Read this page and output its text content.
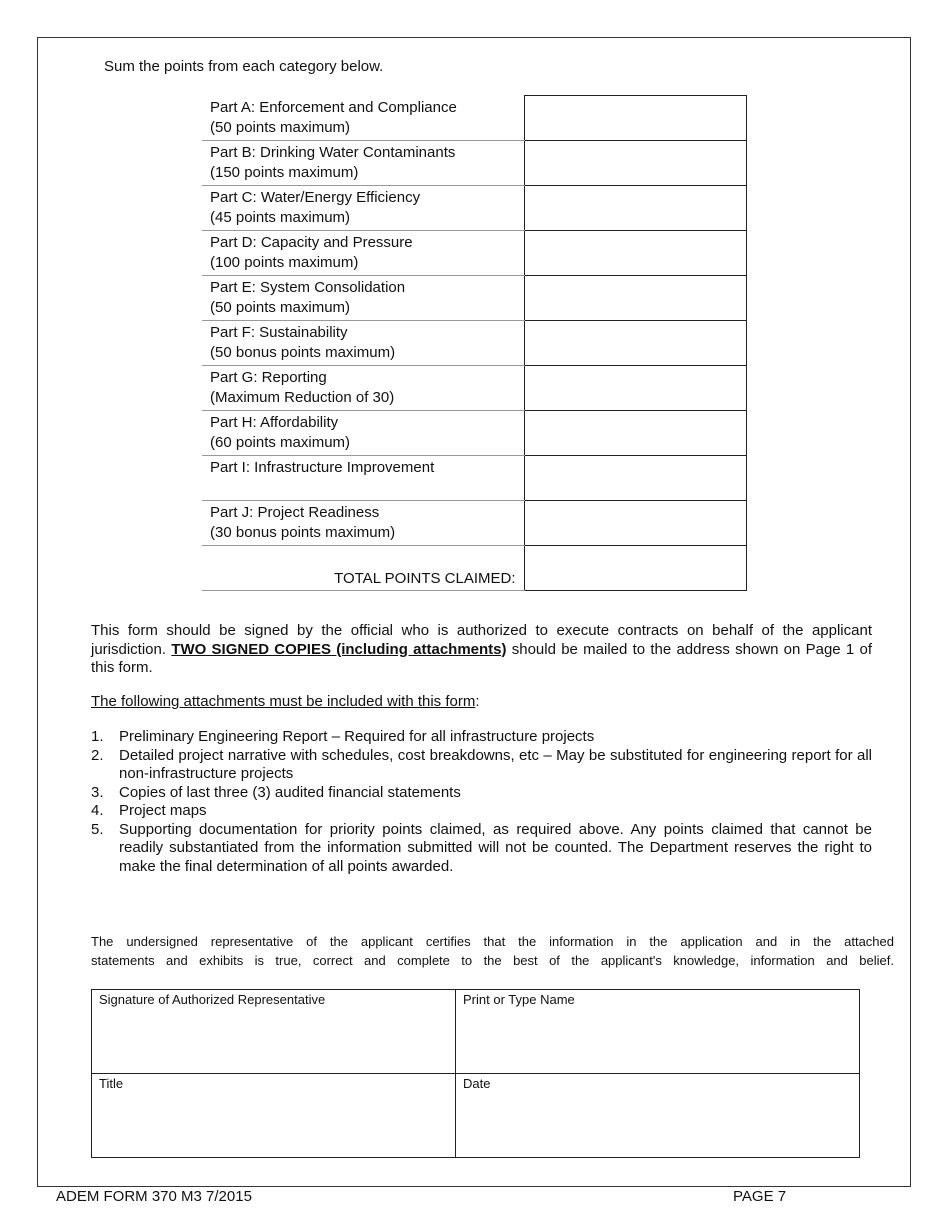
Sum the points from each category below.
Part A: Enforcement and Compliance
(50 points maximum)	

Part B: Drinking Water Contaminants
(150 points maximum)	

Part C: Water/Energy Efficiency
(45 points maximum)	

Part D: Capacity and Pressure
(100 points maximum)	

Part E: System Consolidation
(50 points maximum)	

Part F: Sustainability
(50 bonus points maximum)	

Part G: Reporting
(Maximum Reduction of 30)	

Part H: Affordability
(60 points maximum)	

Part I: Infrastructure Improvement	

Part J: Project Readiness
(30 bonus points maximum)	

TOTAL POINTS CLAIMED:	
This form should be signed by the official who is authorized to execute contracts on behalf of the applicant jurisdiction. TWO SIGNED COPIES (including attachments) should be mailed to the address shown on Page 1 of this form.
The following attachments must be included with this form:
1. Preliminary Engineering Report – Required for all infrastructure projects
2. Detailed project narrative with schedules, cost breakdowns, etc – May be substituted for engineering report for all non-infrastructure projects
3. Copies of last three (3) audited financial statements
4. Project maps
5. Supporting documentation for priority points claimed, as required above. Any points claimed that cannot be readily substantiated from the information submitted will not be counted. The Department reserves the right to make the final determination of all points awarded.
The undersigned representative of the applicant certifies that the information in the application and in the attached
statements and exhibits is true, correct and complete to the best of the applicant's knowledge, information and belief.
Signature of Authorized Representative	Print or Type Name
Title	Date
ADEM FORM 370 M3 7/2015	PAGE 7
